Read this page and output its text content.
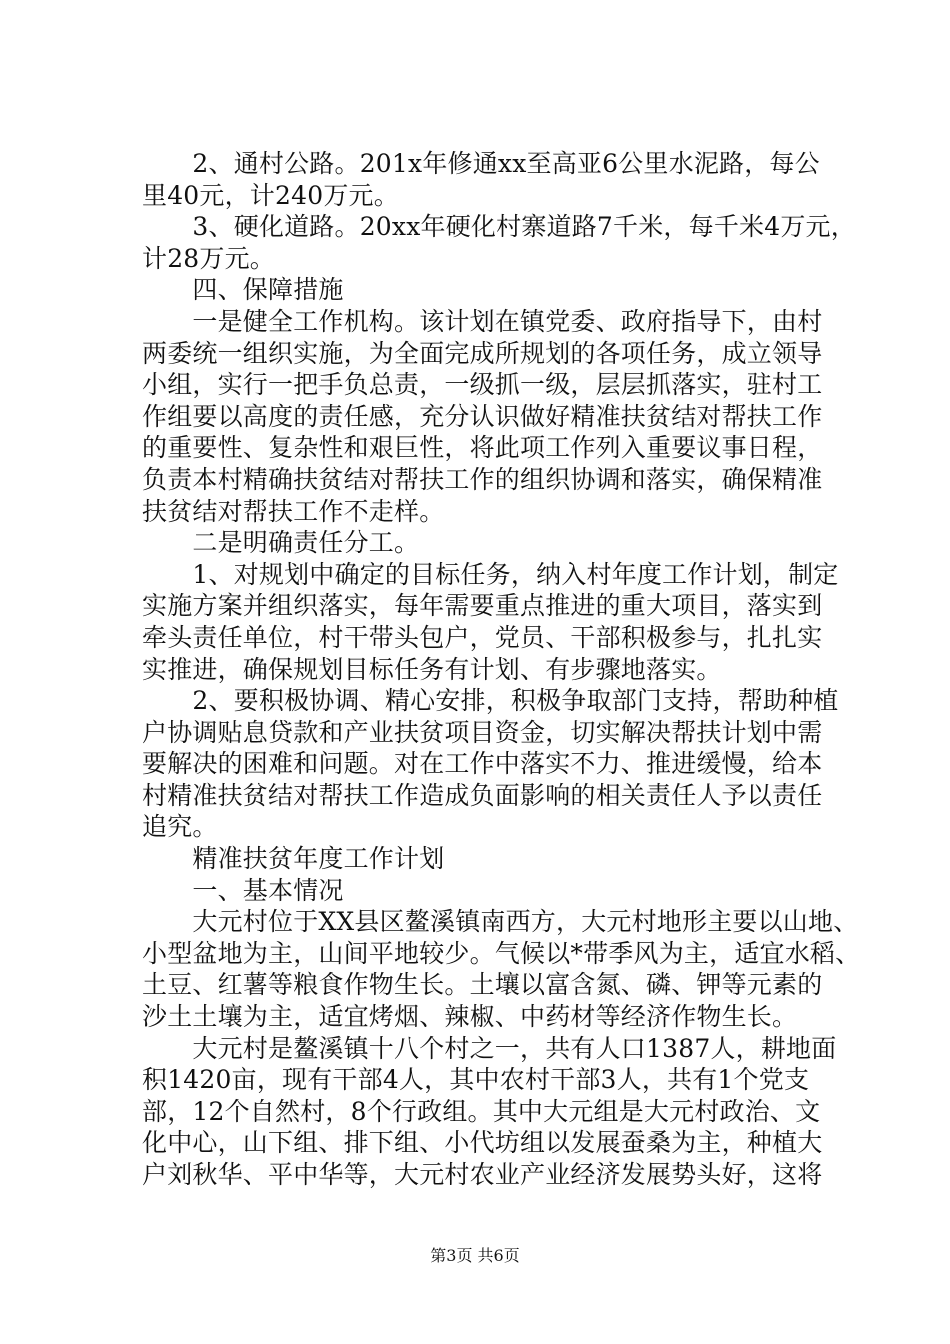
　　2、通村公路。201x年修通xx至高亚6公里水泥路，每公
里40元，计240万元。
　　3、硬化道路。20xx年硬化村寨道路7千米，每千米4万元，
计28万元。
　　四、保障措施
　　一是健全工作机构。该计划在镇党委、政府指导下，由村
两委统一组织实施，为全面完成所规划的各项任务，成立领导
小组，实行一把手负总责，一级抓一级，层层抓落实，驻村工
作组要以高度的责任感，充分认识做好精准扶贫结对帮扶工作
的重要性、复杂性和艰巨性，将此项工作列入重要议事日程，
负责本村精确扶贫结对帮扶工作的组织协调和落实，确保精准
扶贫结对帮扶工作不走样。
　　二是明确责任分工。
　　1、对规划中确定的目标任务，纳入村年度工作计划，制定
实施方案并组织落实，每年需要重点推进的重大项目，落实到
牵头责任单位，村干带头包户，党员、干部积极参与，扎扎实
实推进，确保规划目标任务有计划、有步骤地落实。
　　2、要积极协调、精心安排，积极争取部门支持，帮助种植
户协调贴息贷款和产业扶贫项目资金，切实解决帮扶计划中需
要解决的困难和问题。对在工作中落实不力、推进缓慢，给本
村精准扶贫结对帮扶工作造成负面影响的相关责任人予以责任
追究。
　　精准扶贫年度工作计划
　　一、基本情况
　　大元村位于XX县区鳌溪镇南西方，大元村地形主要以山地、
小型盆地为主，山间平地较少。气候以*带季风为主，适宜水稻、
土豆、红薯等粮食作物生长。土壤以富含氮、磷、钾等元素的
沙土土壤为主，适宜烤烟、辣椒、中药材等经济作物生长。
　　大元村是鳌溪镇十八个村之一，共有人口1387人，耕地面
积1420亩，现有干部4人，其中农村干部3人，共有1个党支
部，12个自然村，8个行政组。其中大元组是大元村政治、文
化中心，山下组、排下组、小代坊组以发展蚕桑为主，种植大
户刘秋华、平中华等，大元村农业产业经济发展势头好，这将
第3页 共6页
